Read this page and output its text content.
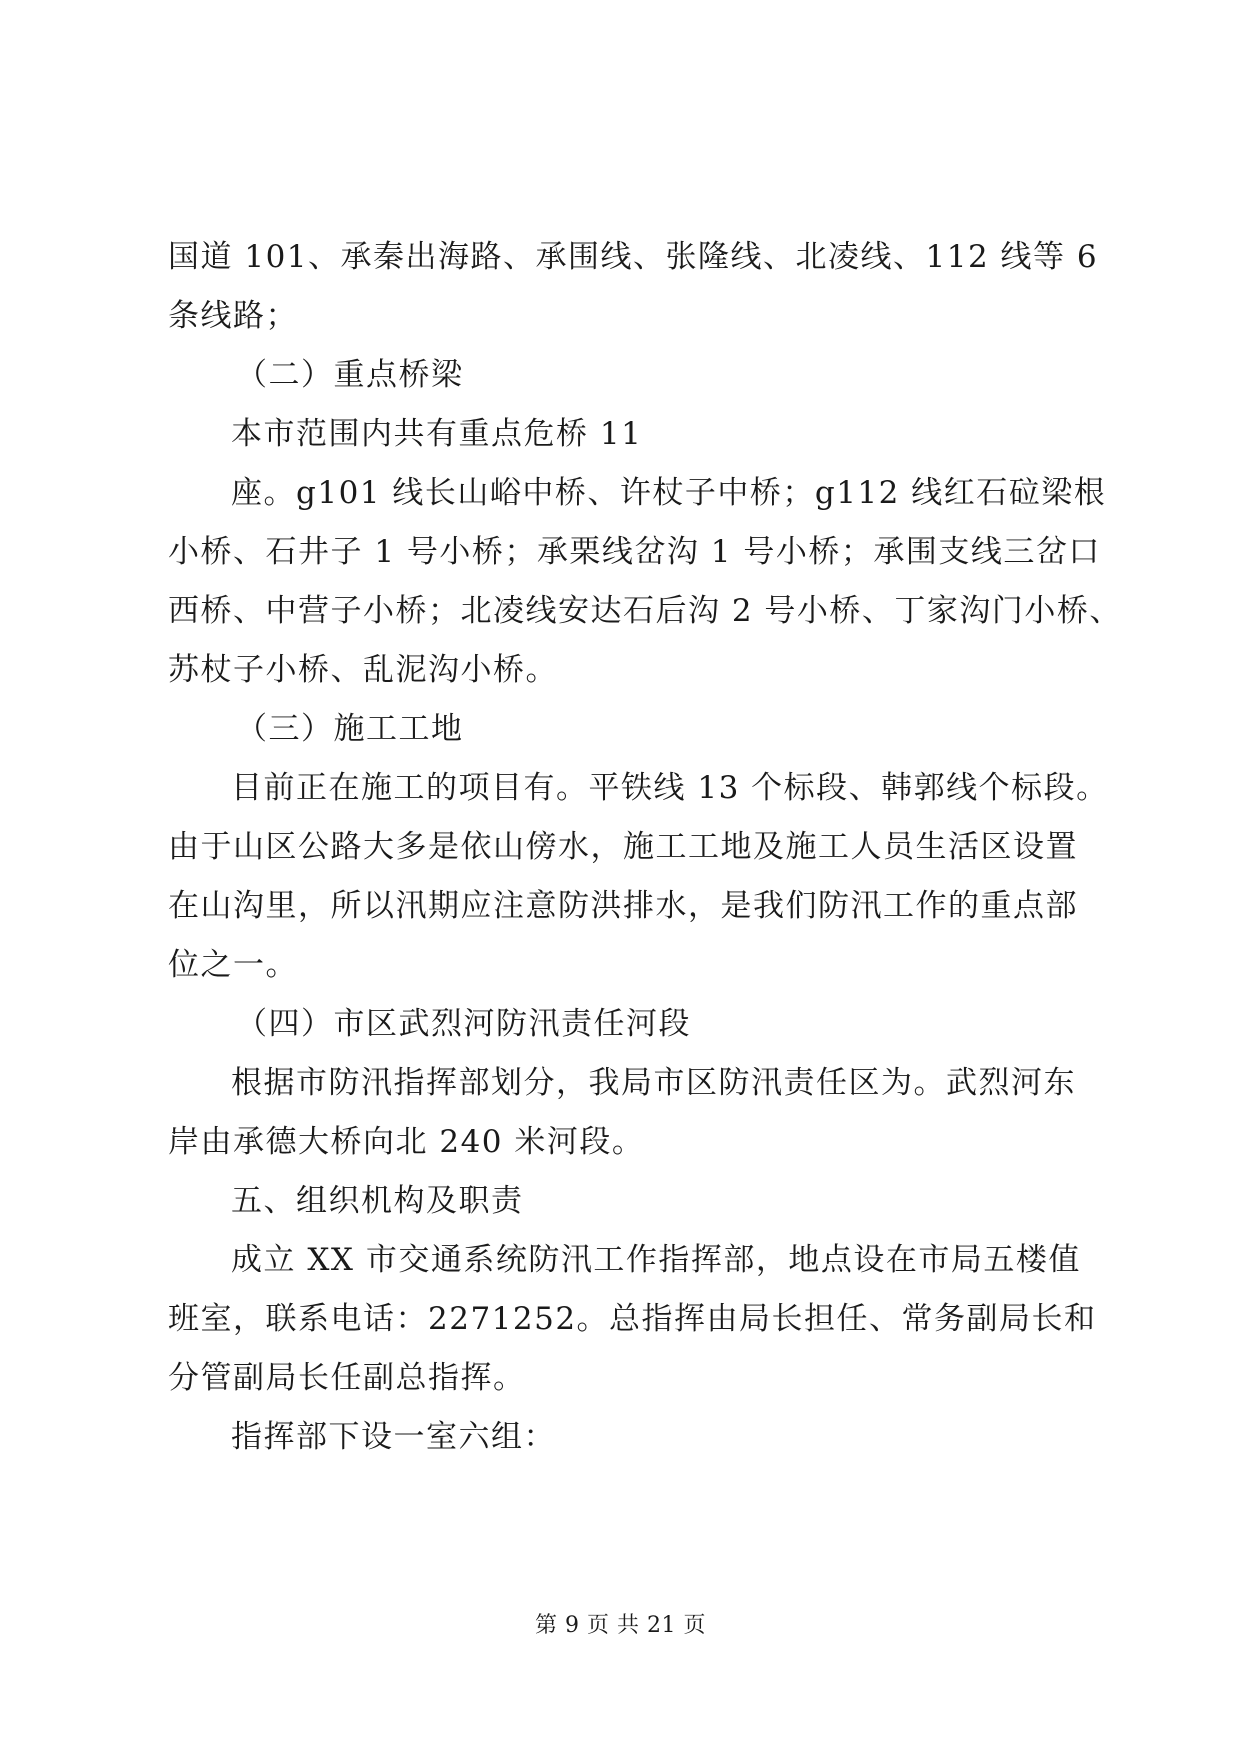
国道 101、承秦出海路、承围线、张隆线、北凌线、112 线等 6

条线路；

（二）重点桥梁

本市范围内共有重点危桥 11

座。g101 线长山峪中桥、许杖子中桥；g112 线红石砬梁根

小桥、石井子 1 号小桥；承栗线岔沟 1 号小桥；承围支线三岔口

西桥、中营子小桥；北凌线安达石后沟 2 号小桥、丁家沟门小桥、

苏杖子小桥、乱泥沟小桥。

（三）施工工地

目前正在施工的项目有。平铁线 13 个标段、韩郭线个标段。

由于山区公路大多是依山傍水，施工工地及施工人员生活区设置

在山沟里，所以汛期应注意防洪排水，是我们防汛工作的重点部

位之一。

（四）市区武烈河防汛责任河段

根据市防汛指挥部划分，我局市区防汛责任区为。武烈河东

岸由承德大桥向北 240 米河段。

五、组织机构及职责

成立 XX 市交通系统防汛工作指挥部，地点设在市局五楼值

班室，联系电话：2271252。总指挥由局长担任、常务副局长和

分管副局长任副总指挥。

指挥部下设一室六组：

第 9 页 共 21 页
